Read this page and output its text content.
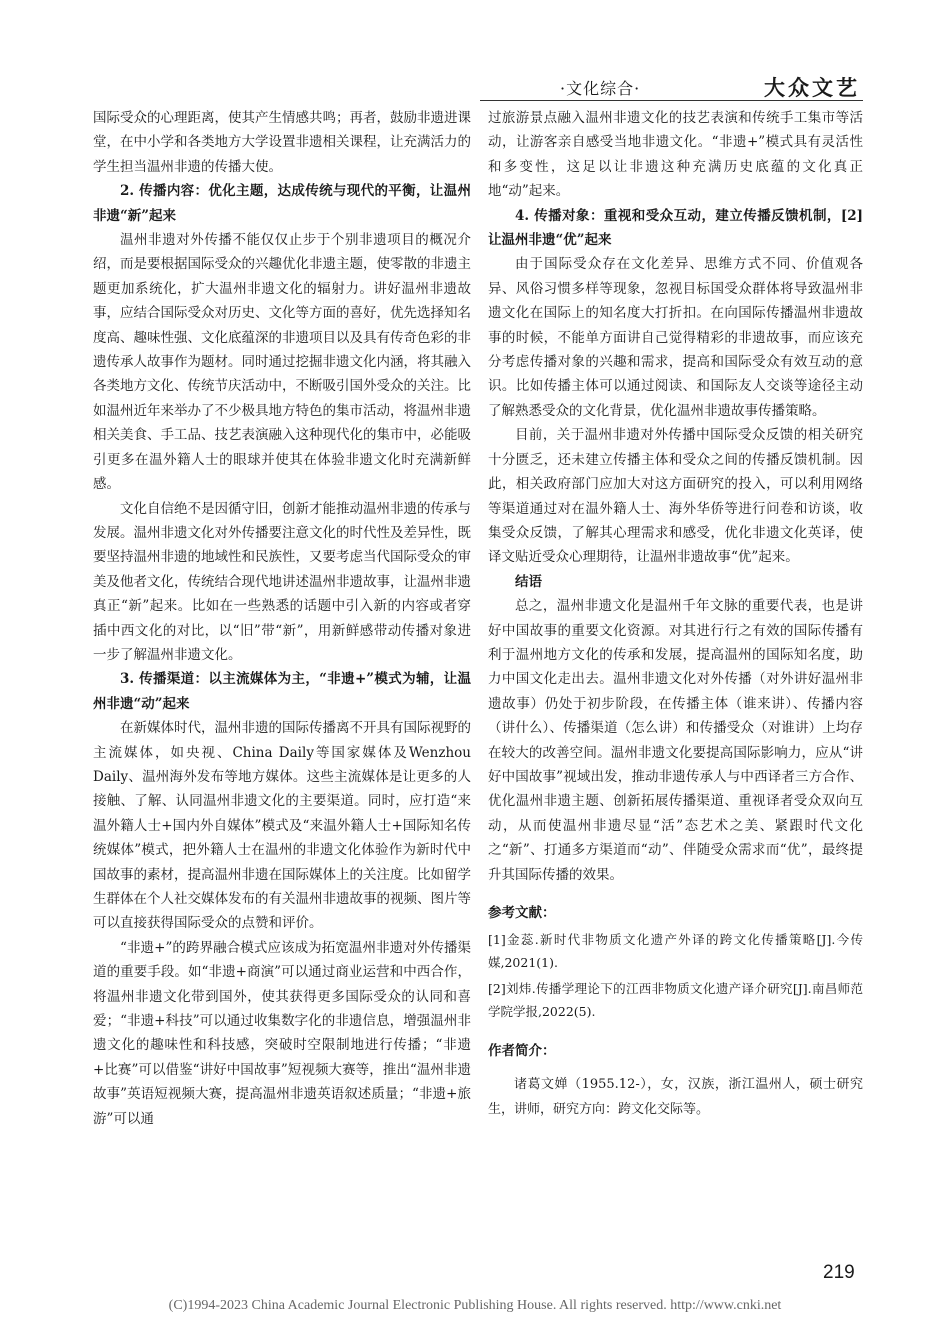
·文化综合·	大众文艺

国际受众的心理距离，使其产生情感共鸣；再者，鼓励非遗进课堂，在中小学和各类地方大学设置非遗相关课程，让充满活力的学生担当温州非遗的传播大使。

2. 传播内容：优化主题，达成传统与现代的平衡，让温州非遗“新”起来

温州非遗对外传播不能仅仅止步于个别非遗项目的概况介绍，而是要根据国际受众的兴趣优化非遗主题，使零散的非遗主题更加系统化，扩大温州非遗文化的辐射力。讲好温州非遗故事，应结合国际受众对历史、文化等方面的喜好，优先选择知名度高、趣味性强、文化底蕴深的非遗项目以及具有传奇色彩的非遗传承人故事作为题材。同时通过挖掘非遗文化内涵，将其融入各类地方文化、传统节庆活动中，不断吸引国外受众的关注。比如温州近年来举办了不少极具地方特色的集市活动，将温州非遗相关美食、手工品、技艺表演融入这种现代化的集市中，必能吸引更多在温外籍人士的眼球并使其在体验非遗文化时充满新鲜感。

文化自信绝不是因循守旧，创新才能推动温州非遗的传承与发展。温州非遗文化对外传播要注意文化的时代性及差异性，既要坚持温州非遗的地域性和民族性，又要考虑当代国际受众的审美及他者文化，传统结合现代地讲述温州非遗故事，让温州非遗真正“新”起来。比如在一些熟悉的话题中引入新的内容或者穿插中西文化的对比，以“旧”带“新”，用新鲜感带动传播对象进一步了解温州非遗文化。

3. 传播渠道：以主流媒体为主，“非遗+”模式为辅，让温州非遗“动”起来

在新媒体时代，温州非遗的国际传播离不开具有国际视野的主流媒体，如央视、China Daily等国家媒体及Wenzhou Daily、温州海外发布等地方媒体。这些主流媒体是让更多的人接触、了解、认同温州非遗文化的主要渠道。同时，应打造“来温外籍人士+国内外自媒体”模式及“来温外籍人士+国际知名传统媒体”模式，把外籍人士在温州的非遗文化体验作为新时代中国故事的素材，提高温州非遗在国际媒体上的关注度。比如留学生群体在个人社交媒体发布的有关温州非遗故事的视频、图片等可以直接获得国际受众的点赞和评价。

“非遗+”的跨界融合模式应该成为拓宽温州非遗对外传播渠道的重要手段。如“非遗+商演”可以通过商业运营和中西合作，将温州非遗文化带到国外，使其获得更多国际受众的认同和喜爱；“非遗+科技”可以通过收集数字化的非遗信息，增强温州非遗文化的趣味性和科技感，突破时空限制地进行传播；“非遗+比赛”可以借鉴“讲好中国故事”短视频大赛等，推出“温州非遗故事”英语短视频大赛，提高温州非遗英语叙述质量；“非遗+旅游”可以通

过旅游景点融入温州非遗文化的技艺表演和传统手工集市等活动，让游客亲自感受当地非遗文化。“非遗+”模式具有灵活性和多变性，这足以让非遗这种充满历史底蕴的文化真正地“动”起来。

4. 传播对象：重视和受众互动，建立传播反馈机制，[2]让温州非遗“优”起来

由于国际受众存在文化差异、思维方式不同、价值观各异、风俗习惯多样等现象，忽视目标国受众群体将导致温州非遗文化在国际上的知名度大打折扣。在向国际传播温州非遗故事的时候，不能单方面讲自己觉得精彩的非遗故事，而应该充分考虑传播对象的兴趣和需求，提高和国际受众有效互动的意识。比如传播主体可以通过阅读、和国际友人交谈等途径主动了解熟悉受众的文化背景，优化温州非遗故事传播策略。

目前，关于温州非遗对外传播中国际受众反馈的相关研究十分匮乏，还未建立传播主体和受众之间的传播反馈机制。因此，相关政府部门应加大对这方面研究的投入，可以利用网络等渠道通过对在温外籍人士、海外华侨等进行问卷和访谈，收集受众反馈，了解其心理需求和感受，优化非遗文化英译，使译文贴近受众心理期待，让温州非遗故事“优”起来。

结语

总之，温州非遗文化是温州千年文脉的重要代表，也是讲好中国故事的重要文化资源。对其进行行之有效的国际传播有利于温州地方文化的传承和发展，提高温州的国际知名度，助力中国文化走出去。温州非遗文化对外传播（对外讲好温州非遗故事）仍处于初步阶段，在传播主体（谁来讲）、传播内容（讲什么）、传播渠道（怎么讲）和传播受众（对谁讲）上均存在较大的改善空间。温州非遗文化要提高国际影响力，应从“讲好中国故事”视域出发，推动非遗传承人与中西译者三方合作、优化温州非遗主题、创新拓展传播渠道、重视译者受众双向互动，从而使温州非遗尽显“活”态艺术之美、紧跟时代文化之“新”、打通多方渠道而“动”、伴随受众需求而“优”，最终提升其国际传播的效果。

参考文献：

[1]金蕊.新时代非物质文化遗产外译的跨文化传播策略[J].今传媒,2021(1).

[2]刘炜.传播学理论下的江西非物质文化遗产译介研究[J].南昌师范学院学报,2022(5).

作者简介：

诸葛文婵（1955.12-），女，汉族，浙江温州人，硕士研究生，讲师，研究方向：跨文化交际等。

219
(C)1994-2023 China Academic Journal Electronic Publishing House. All rights reserved. http://www.cnki.net
